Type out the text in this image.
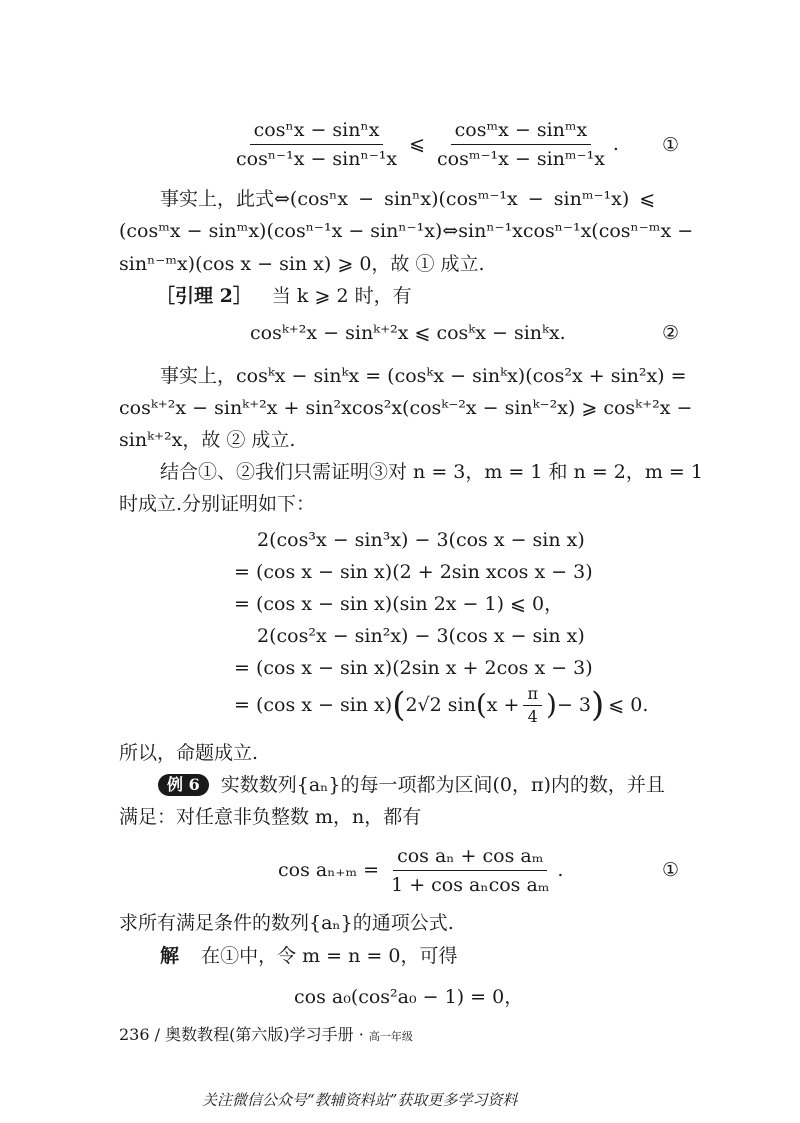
$\frac{\text{cosⁿx − sinⁿx}}{\text{cosⁿ⁻¹x − sinⁿ⁻¹x}}$ ⩽ $\frac{\text{cosᵐx − sinᵐx}}{\text{cosᵐ⁻¹x − sinᵐ⁻¹x}}$ . ①
事实上，此式⇔(cosⁿx − sinⁿx)(cosᵐ⁻¹x − sinᵐ⁻¹x) ⩽
(cosᵐx − sinᵐx)(cosⁿ⁻¹x − sinⁿ⁻¹x)⇔sinⁿ⁻¹xcosⁿ⁻¹x(cosⁿ⁻ᵐx −
sinⁿ⁻ᵐx)(cos x − sin x) ⩾ 0，故 ① 成立.
［引理 2］ 当 k ⩾ 2 时，有
cosᵏ⁺²x − sinᵏ⁺²x ⩽ cosᵏx − sinᵏx.	②
事实上，cosᵏx − sinᵏx = (cosᵏx − sinᵏx)(cos²x + sin²x) =
cosᵏ⁺²x − sinᵏ⁺²x + sin²xcos²x(cosᵏ⁻²x − sinᵏ⁻²x) ⩾ cosᵏ⁺²x −
sinᵏ⁺²x，故 ② 成立.
结合①、②我们只需证明③对 n = 3，m = 1 和 n = 2，m = 1
时成立.分别证明如下：
2(cos³x − sin³x) − 3(cos x − sin x)
= (cos x − sin x)(2 + 2sin xcos x − 3)
= (cos x − sin x)(sin 2x − 1) ⩽ 0，
2(cos²x − sin²x) − 3(cos x − sin x)
= (cos x − sin x)(2sin x + 2cos x − 3)
= (cos x − sin x) ( 2√2 sin ( $x + \frac{\pi}{4}$ ) − 3 ) ⩽ 0.
所以，命题成立.
例 6 实数数列{aₙ}的每一项都为区间(0，π)内的数，并且
满足：对任意非负整数 m，n，都有
$\cos a_{n+m} = \frac{\text{cos aₙ + cos aₘ}}{\text{1 + cos aₙcos aₘ}}$ .	①
求所有满足条件的数列{aₙ}的通项公式.
解 在①中，令 m = n = 0，可得
cos a₀(cos²a₀ − 1) = 0，
236 / 奥数教程(第六版)学习手册 · 高一年级
关注微信公众号“教辅资料站”获取更多学习资料
